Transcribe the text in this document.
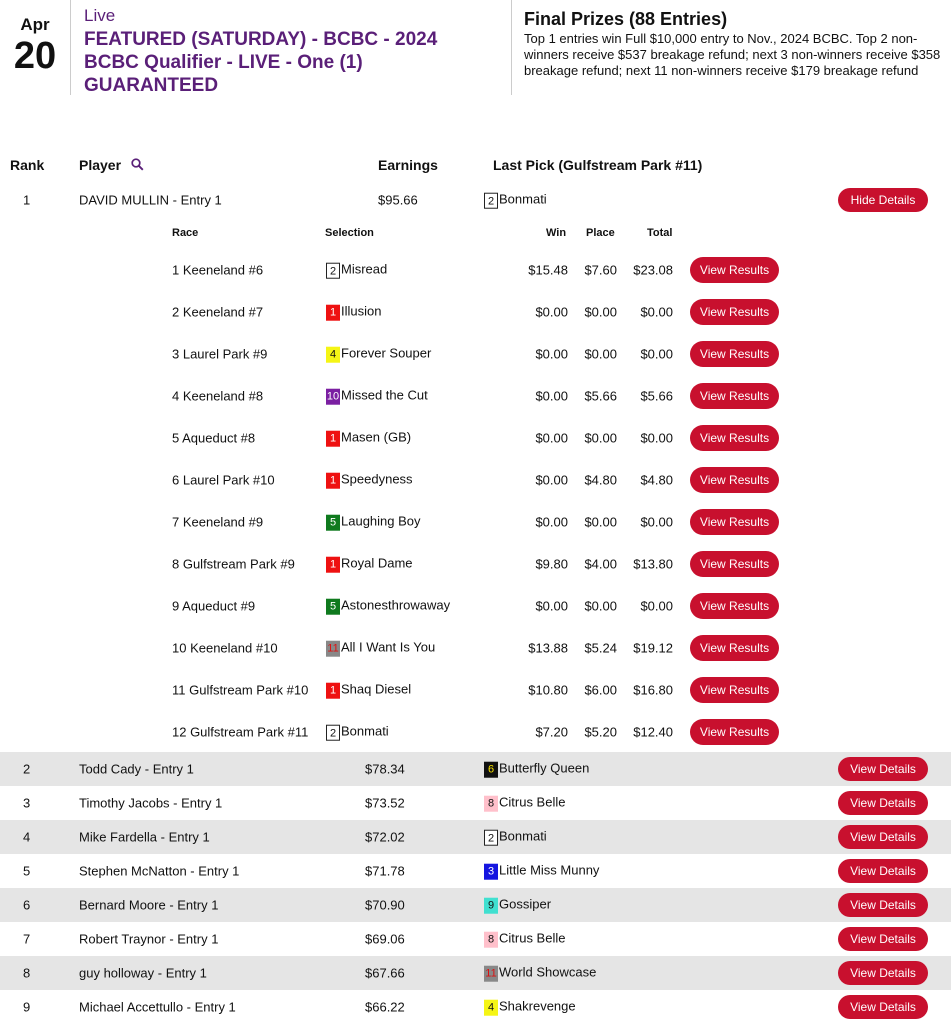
Apr
20
Live
FEATURED (SATURDAY) - BCBC - 2024 BCBC Qualifier - LIVE - One (1) GUARANTEED
Final Prizes (88 Entries)
Top 1 entries win Full $10,000 entry to Nov., 2024 BCBC. Top 2 non-winners receive $537 breakage refund; next 3 non-winners receive $358 breakage refund; next 11 non-winners receive $179 breakage refund
Rank Player	Earnings	Last Pick (Gulfstream Park #11)
1	DAVID MULLIN - Entry 1	$95.66	2 Bonmati	Hide Details
2	Todd Cady - Entry 1	$78.34	6 Butterfly Queen	View Details
3	Timothy Jacobs - Entry 1	$73.52	8 Citrus Belle	View Details
4	Mike Fardella - Entry 1	$72.02	2 Bonmati	View Details
5	Stephen McNatton - Entry 1	$71.78	3 Little Miss Munny	View Details
6	Bernard Moore - Entry 1	$70.90	9 Gossiper	View Details
7	Robert Traynor - Entry 1	$69.06	8 Citrus Belle	View Details
8	guy holloway - Entry 1	$67.66	11 World Showcase	View Details
9	Michael Accettullo - Entry 1	$66.22	4 Shakrevenge	View Details
Race	Selection	Win Place	Total
1 Keeneland #6	2 Misread	$15.48 $7.60 $23.08	View Results
2 Keeneland #7	1 Illusion	$0.00 $0.00 $0.00	View Results
3 Laurel Park #9	4 Forever Souper	$0.00 $0.00 $0.00	View Results
4 Keeneland #8	10 Missed the Cut	$0.00 $5.66 $5.66	View Results
5 Aqueduct #8	1 Masen (GB)	$0.00 $0.00 $0.00	View Results
6 Laurel Park #10	1 Speedyness	$0.00 $4.80 $4.80	View Results
7 Keeneland #9	5 Laughing Boy	$0.00 $0.00 $0.00	View Results
8 Gulfstream Park #9	1 Royal Dame	$9.80 $4.00 $13.80	View Results
9 Aqueduct #9	5 Astonesthrowaway	$0.00 $0.00 $0.00	View Results
10 Keeneland #10	11 All I Want Is You	$13.88 $5.24 $19.12	View Results
11 Gulfstream Park #10	1 Shaq Diesel	$10.80 $6.00 $16.80	View Results
12 Gulfstream Park #11	2 Bonmati	$7.20 $5.20 $12.40	View Results
